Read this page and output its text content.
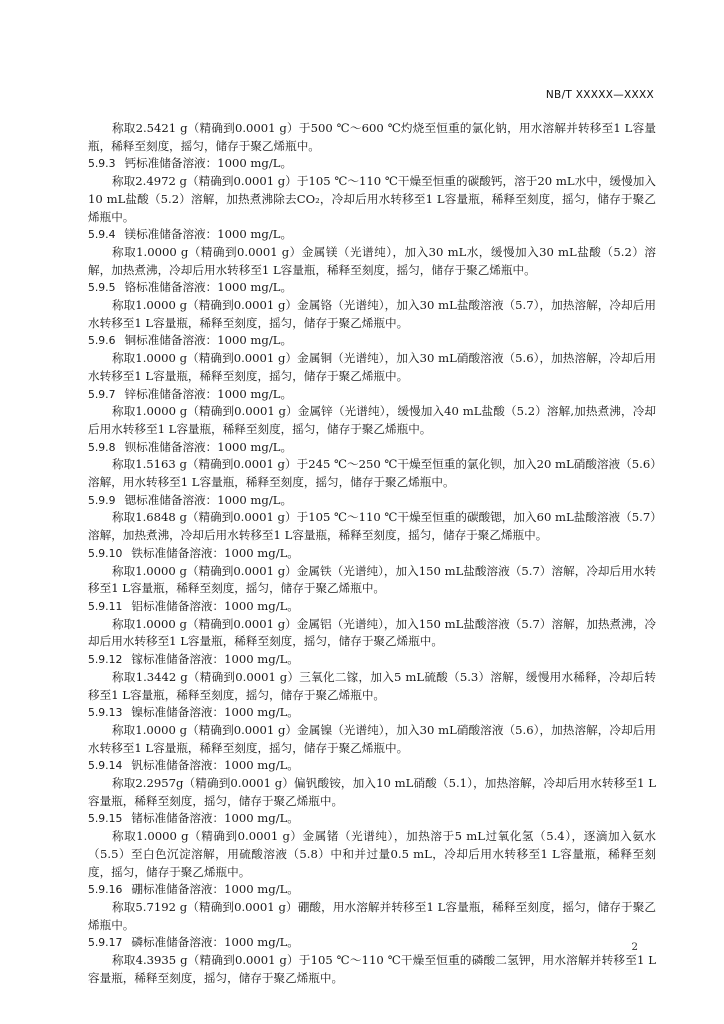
NB/T XXXXX—XXXX

称取2.5421 g（精确到0.0001 g）于500 ℃～600 ℃灼烧至恒重的氯化钠，用水溶解并转移至1 L容量瓶，稀释至刻度，摇匀，储存于聚乙烯瓶中。

5.9.3 钙标准储备溶液：1000 mg/L。

称取2.4972 g（精确到0.0001 g）于105 ℃～110 ℃干燥至恒重的碳酸钙，溶于20 mL水中，缓慢加入10 mL盐酸（5.2）溶解，加热煮沸除去CO₂，冷却后用水转移至1 L容量瓶，稀释至刻度，摇匀，储存于聚乙烯瓶中。

5.9.4 镁标准储备溶液：1000 mg/L。

称取1.0000 g（精确到0.0001 g）金属镁（光谱纯），加入30 mL水，缓慢加入30 mL盐酸（5.2）溶解，加热煮沸，冷却后用水转移至1 L容量瓶，稀释至刻度，摇匀，储存于聚乙烯瓶中。

5.9.5 铬标准储备溶液：1000 mg/L。

称取1.0000 g（精确到0.0001 g）金属铬（光谱纯），加入30 mL盐酸溶液（5.7），加热溶解，冷却后用水转移至1 L容量瓶，稀释至刻度，摇匀，储存于聚乙烯瓶中。

5.9.6 铜标准储备溶液：1000 mg/L。

称取1.0000 g（精确到0.0001 g）金属铜（光谱纯），加入30 mL硝酸溶液（5.6），加热溶解，冷却后用水转移至1 L容量瓶，稀释至刻度，摇匀，储存于聚乙烯瓶中。

5.9.7 锌标准储备溶液：1000 mg/L。

称取1.0000 g（精确到0.0001 g）金属锌（光谱纯），缓慢加入40 mL盐酸（5.2）溶解,加热煮沸，冷却后用水转移至1 L容量瓶，稀释至刻度，摇匀，储存于聚乙烯瓶中。

5.9.8 钡标准储备溶液：1000 mg/L。

称取1.5163 g（精确到0.0001 g）于245 ℃～250 ℃干燥至恒重的氯化钡，加入20 mL硝酸溶液（5.6）溶解，用水转移至1 L容量瓶，稀释至刻度，摇匀，储存于聚乙烯瓶中。

5.9.9 锶标准储备溶液：1000 mg/L。

称取1.6848 g（精确到0.0001 g）于105 ℃～110 ℃干燥至恒重的碳酸锶，加入60 mL盐酸溶液（5.7）溶解，加热煮沸，冷却后用水转移至1 L容量瓶，稀释至刻度，摇匀，储存于聚乙烯瓶中。

5.9.10 铁标准储备溶液：1000 mg/L。

称取1.0000 g（精确到0.0001 g）金属铁（光谱纯），加入150 mL盐酸溶液（5.7）溶解，冷却后用水转移至1 L容量瓶，稀释至刻度，摇匀，储存于聚乙烯瓶中。

5.9.11 铝标准储备溶液：1000 mg/L。

称取1.0000 g（精确到0.0001 g）金属铝（光谱纯），加入150 mL盐酸溶液（5.7）溶解，加热煮沸，冷却后用水转移至1 L容量瓶，稀释至刻度，摇匀，储存于聚乙烯瓶中。

5.9.12 镓标准储备溶液：1000 mg/L。

称取1.3442 g（精确到0.0001 g）三氧化二镓，加入5 mL硫酸（5.3）溶解，缓慢用水稀释，冷却后转移至1 L容量瓶，稀释至刻度，摇匀，储存于聚乙烯瓶中。

5.9.13 镍标准储备溶液：1000 mg/L。

称取1.0000 g（精确到0.0001 g）金属镍（光谱纯），加入30 mL硝酸溶液（5.6），加热溶解，冷却后用水转移至1 L容量瓶，稀释至刻度，摇匀，储存于聚乙烯瓶中。

5.9.14 钒标准储备溶液：1000 mg/L。

称取2.2957g（精确到0.0001 g）偏钒酸铵，加入10 mL硝酸（5.1），加热溶解，冷却后用水转移至1 L容量瓶，稀释至刻度，摇匀，储存于聚乙烯瓶中。

5.9.15 锗标准储备溶液：1000 mg/L。

称取1.0000 g（精确到0.0001 g）金属锗（光谱纯），加热溶于5 mL过氧化氢（5.4），逐滴加入氨水（5.5）至白色沉淀溶解，用硫酸溶液（5.8）中和并过量0.5 mL，冷却后用水转移至1 L容量瓶，稀释至刻度，摇匀，储存于聚乙烯瓶中。

5.9.16 硼标准储备溶液：1000 mg/L。

称取5.7192 g（精确到0.0001 g）硼酸，用水溶解并转移至1 L容量瓶，稀释至刻度，摇匀，储存于聚乙烯瓶中。

5.9.17 磷标准储备溶液：1000 mg/L。

称取4.3935 g（精确到0.0001 g）于105 ℃～110 ℃干燥至恒重的磷酸二氢钾，用水溶解并转移至1 L容量瓶，稀释至刻度，摇匀，储存于聚乙烯瓶中。

2
